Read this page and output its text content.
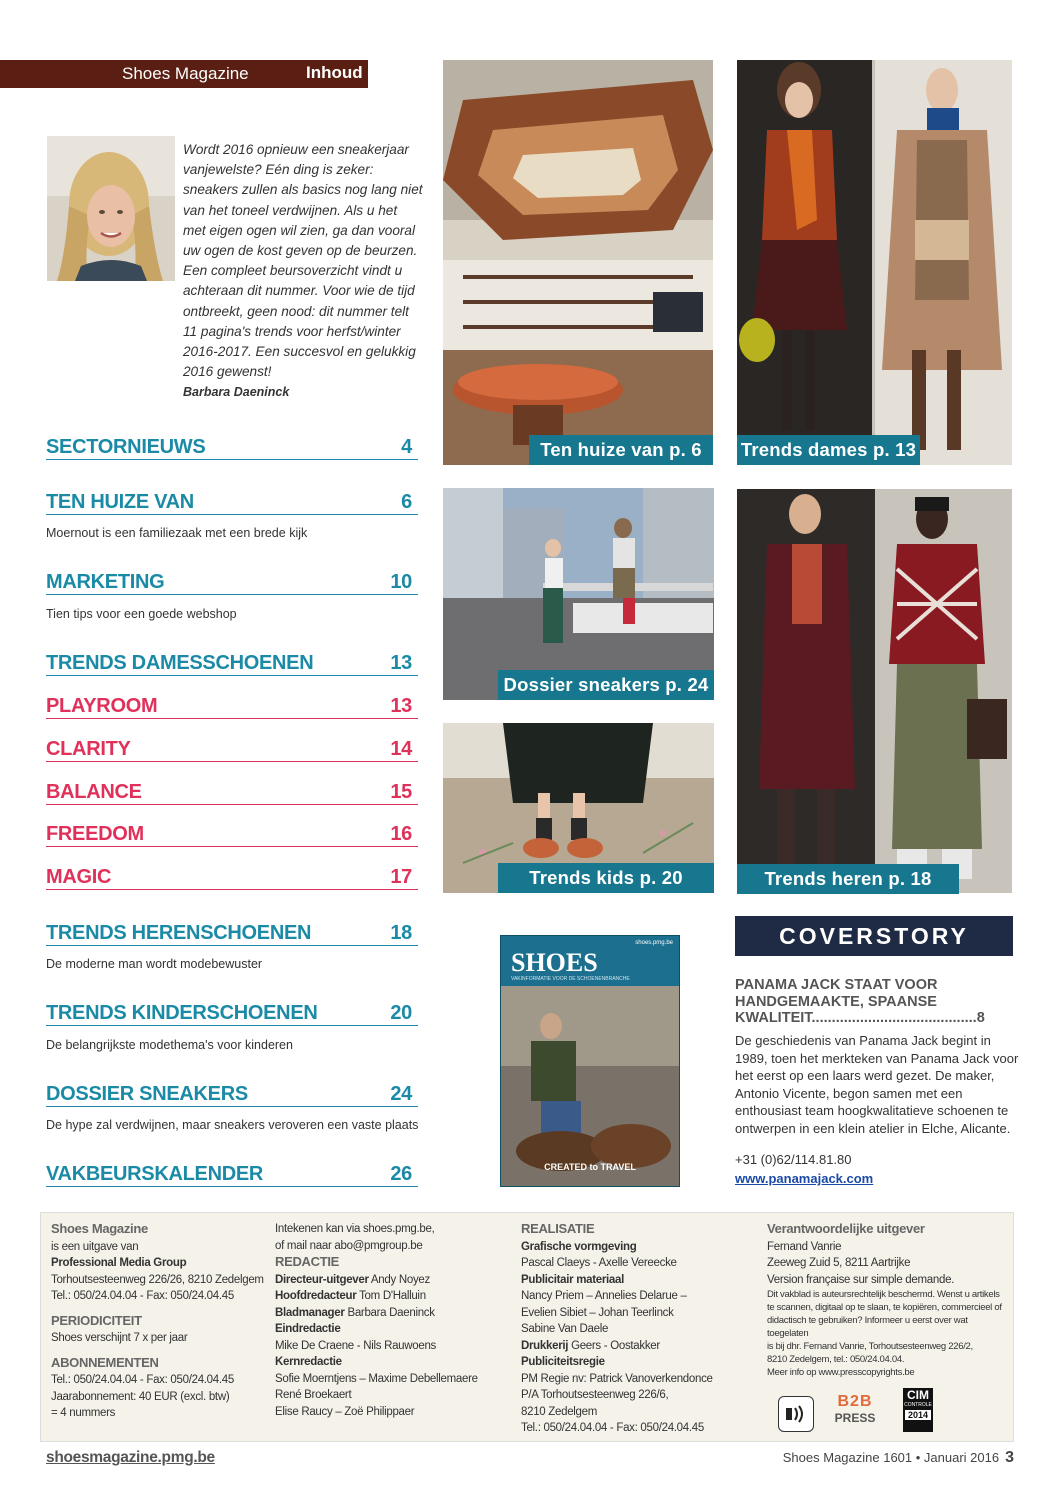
Shoes Magazine	Inhoud
Wordt 2016 opnieuw een sneakerjaar vanjewelste? Eén ding is zeker: sneakers zullen als basics nog lang niet van het toneel verdwijnen. Als u het met eigen ogen wil zien, ga dan vooral uw ogen de kost geven op de beurzen. Een compleet beursoverzicht vindt u achteraan dit nummer. Voor wie de tijd ontbreekt, geen nood: dit nummer telt 11 pagina's trends voor herfst/winter 2016-2017. Een succesvol en gelukkig 2016 gewenst!
Barbara Daeninck
SECTORNIEUWS	4
TEN HUIZE VAN	6
Moernout is een familiezaak met een brede kijk
MARKETING	10
Tien tips voor een goede webshop
TRENDS DAMESSCHOENEN	13
PLAYROOM	13
CLARITY	14
BALANCE	15
FREEDOM	16
MAGIC	17
TRENDS HERENSCHOENEN	18
De moderne man wordt modebewuster
TRENDS KINDERSCHOENEN	20
De belangrijkste modethema's voor kinderen
DOSSIER SNEAKERS	24
De hype zal verdwijnen, maar sneakers veroveren een vaste plaats
VAKBEURSKALENDER	26
Ten huize van p. 6	Trends dames p. 13
Dossier sneakers p. 24
Trends kids p. 20	Trends heren p. 18
SHOES
VAKINFORMATIE VOOR DE SCHOENENBRANCHE
shoes.pmg.be
CREATED to TRAVEL
COVERSTORY
PANAMA JACK STAAT VOOR HANDGEMAAKTE, SPAANSE KWALITEIT.........................................8
De geschiedenis van Panama Jack begint in 1989, toen het merkteken van Panama Jack voor het eerst op een laars werd gezet. De maker, Antonio Vicente, begon samen met een enthousiast team hoogkwalitatieve schoenen te ontwerpen in een klein atelier in Elche, Alicante.
+31 (0)62/114.81.80
www.panamajack.com
Shoes Magazine
is een uitgave van
Professional Media Group
Torhoutsesteenweg 226/26, 8210 Zedelgem
Tel.: 050/24.04.04 - Fax: 050/24.04.45
PERIODICITEIT
Shoes verschijnt 7 x per jaar
ABONNEMENTEN
Tel.: 050/24.04.04 - Fax: 050/24.04.45
Jaarabonnement: 40 EUR (excl. btw)
= 4 nummers
Intekenen kan via shoes.pmg.be,
of mail naar abo@pmgroup.be
REDACTIE
Directeur-uitgever Andy Noyez
Hoofdredacteur Tom D'Halluin
Bladmanager Barbara Daeninck
Eindredactie
Mike De Craene - Nils Rauwoens
Kernredactie
Sofie Moerntjens – Maxime Debellemaere
René Broekaert
Elise Raucy – Zoë Philippaer
REALISATIE
Grafische vormgeving
Pascal Claeys - Axelle Vereecke
Publicitair materiaal
Nancy Priem – Annelies Delarue –
Evelien Sibiet – Johan Teerlinck
Sabine Van Daele
Drukkerij Geers - Oostakker
Publiciteitsregie
PM Regie nv: Patrick Vanoverkendonce
P/A Torhoutsesteenweg 226/6,
8210 Zedelgem
Tel.: 050/24.04.04 - Fax: 050/24.04.45
Verantwoordelijke uitgever
Fernand Vanrie
Zeeweg Zuid 5, 8211 Aartrijke
Version française sur simple demande.
Dit vakblad is auteursrechtelijk beschermd. Wenst u artikels
te scannen, digitaal op te slaan, te kopiëren, commercieel of
didactisch te gebruiken? Informeer u eerst over wat toegelaten
is bij dhr. Fernand Vanrie, Torhoutsesteenweg 226/2,
8210 Zedelgem, tel.: 050/24.04.04.
Meer info op www.presscopyrights.be
B2B
PRESS
CIM
CONTROLE
2014
shoesmagazine.pmg.be	Shoes Magazine 1601 • Januari 2016 3
